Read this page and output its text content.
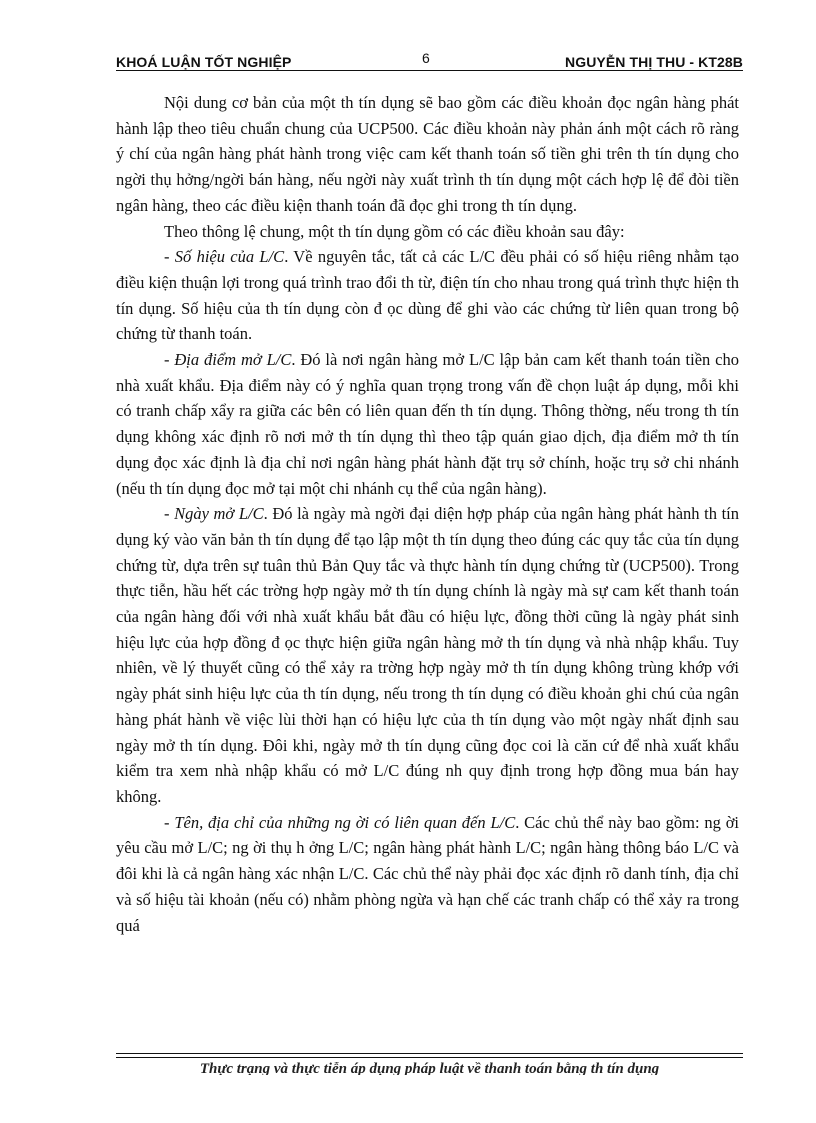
KHOÁ LUẬN TỐT NGHIỆP	6	NGUYỄN THỊ THU - KT28B

Nội dung cơ bản của một th tín dụng sẽ bao gồm các điều khoản đọc ngân hàng phát hành lập theo tiêu chuẩn chung của UCP500. Các điều khoản này phản ánh một cách rõ ràng ý chí của ngân hàng phát hành trong việc cam kết thanh toán số tiền ghi trên th tín dụng cho ngời thụ hởng/ngời bán hàng, nếu ngời này xuất trình th tín dụng một cách hợp lệ để đòi tiền ngân hàng, theo các điều kiện thanh toán đã đọc ghi trong th tín dụng.

Theo thông lệ chung, một th tín dụng gồm có các điều khoản sau đây:

- Số hiệu của L/C. Về nguyên tắc, tất cả các L/C đều phải có số hiệu riêng nhằm tạo điều kiện thuận lợi trong quá trình trao đổi th từ, điện tín cho nhau trong quá trình thực hiện th tín dụng. Số hiệu của th tín dụng còn đ ọc dùng để ghi vào các chứng từ liên quan trong bộ chứng từ thanh toán.

- Địa điểm mở L/C. Đó là nơi ngân hàng mở L/C lập bản cam kết thanh toán tiền cho nhà xuất khẩu. Địa điểm này có ý nghĩa quan trọng trong vấn đề chọn luật áp dụng, mỗi khi có tranh chấp xẩy ra giữa các bên có liên quan đến th tín dụng. Thông thờng, nếu trong th tín dụng không xác định rõ nơi mở th tín dụng thì theo tập quán giao dịch, địa điểm mở th tín dụng đọc xác định là địa chỉ nơi ngân hàng phát hành đặt trụ sở chính, hoặc trụ sở chi nhánh (nếu th tín dụng đọc mở tại một chi nhánh cụ thể của ngân hàng).

- Ngày mở L/C. Đó là ngày mà ngời đại diện hợp pháp của ngân hàng phát hành th tín dụng ký vào văn bản th tín dụng để tạo lập một th tín dụng theo đúng các quy tắc của tín dụng chứng từ, dựa trên sự tuân thủ Bản Quy tắc và thực hành tín dụng chứng từ (UCP500). Trong thực tiễn, hầu hết các trờng hợp ngày mở th tín dụng chính là ngày mà sự cam kết thanh toán của ngân hàng đối với nhà xuất khẩu bắt đầu có hiệu lực, đồng thời cũng là ngày phát sinh hiệu lực của hợp đồng đ ọc thực hiện giữa ngân hàng mở th tín dụng và nhà nhập khẩu. Tuy nhiên, về lý thuyết cũng có thể xảy ra trờng hợp ngày mở th tín dụng không trùng khớp với ngày phát sinh hiệu lực của th tín dụng, nếu trong th tín dụng có điều khoản ghi chú của ngân hàng phát hành về việc lùi thời hạn có hiệu lực của th tín dụng vào một ngày nhất định sau ngày mở th tín dụng. Đôi khi, ngày mở th tín dụng cũng đọc coi là căn cứ để nhà xuất khẩu kiểm tra xem nhà nhập khẩu có mở L/C đúng nh quy định trong hợp đồng mua bán hay không.

- Tên, địa chỉ của những ng ời có liên quan đến L/C. Các chủ thể này bao gồm: ng ời yêu cầu mở L/C; ng ời thụ h ởng L/C; ngân hàng phát hành L/C; ngân hàng thông báo L/C và đôi khi là cả ngân hàng xác nhận L/C. Các chủ thể này phải đọc xác định rõ danh tính, địa chỉ và số hiệu tài khoản (nếu có) nhằm phòng ngừa và hạn chế các tranh chấp có thể xảy ra trong quá

Thực trạng và thực tiễn áp dụng pháp luật về thanh toán bằng th tín dụng
